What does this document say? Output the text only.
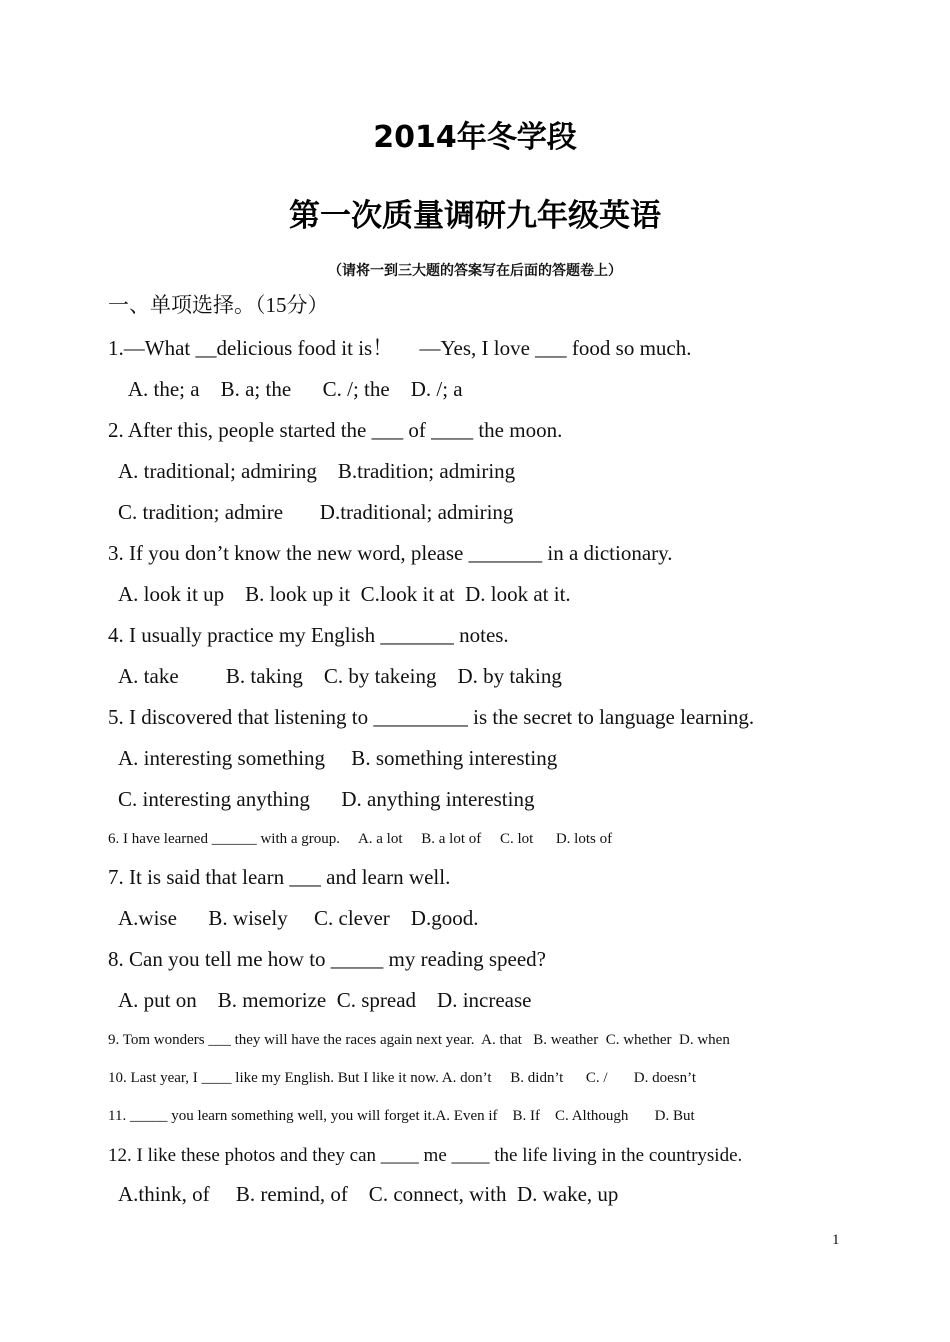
2014年冬学段
第一次质量调研九年级英语
（请将一到三大题的答案写在后面的答题卷上）
一、单项选择。（15分）
1.—What __delicious food it is！     —Yes, I love ___ food so much.
A. the; a    B. a; the      C. /; the    D. /; a
2. After this, people started the ___ of ____ the moon.
A. traditional; admiring    B.tradition; admiring
C. tradition; admire       D.traditional; admiring
3. If you don’t know the new word, please _______ in a dictionary.
A. look it up    B. look up it  C.look it at  D. look at it.
4. I usually practice my English _______ notes.
A. take         B. taking    C. by takeing    D. by taking
5. I discovered that listening to _________ is the secret to language learning.
A. interesting something     B. something interesting
C. interesting anything      D. anything interesting
6. I have learned ______ with a group.     A. a lot     B. a lot of     C. lot      D. lots of
7. It is said that learn ___ and learn well.
A.wise      B. wisely     C. clever    D.good.
8. Can you tell me how to _____ my reading speed?
A. put on    B. memorize  C. spread    D. increase
9. Tom wonders ___ they will have the races again next year.  A. that   B. weather  C. whether  D. when
10. Last year, I ____ like my English. But I like it now. A. don’t     B. didn’t      C. /       D. doesn’t
11. _____ you learn something well, you will forget it.A. Even if    B. If    C. Although       D. But
12. I like these photos and they can ____ me ____ the life living in the countryside.
A.think, of     B. remind, of    C. connect, with  D. wake, up
1
